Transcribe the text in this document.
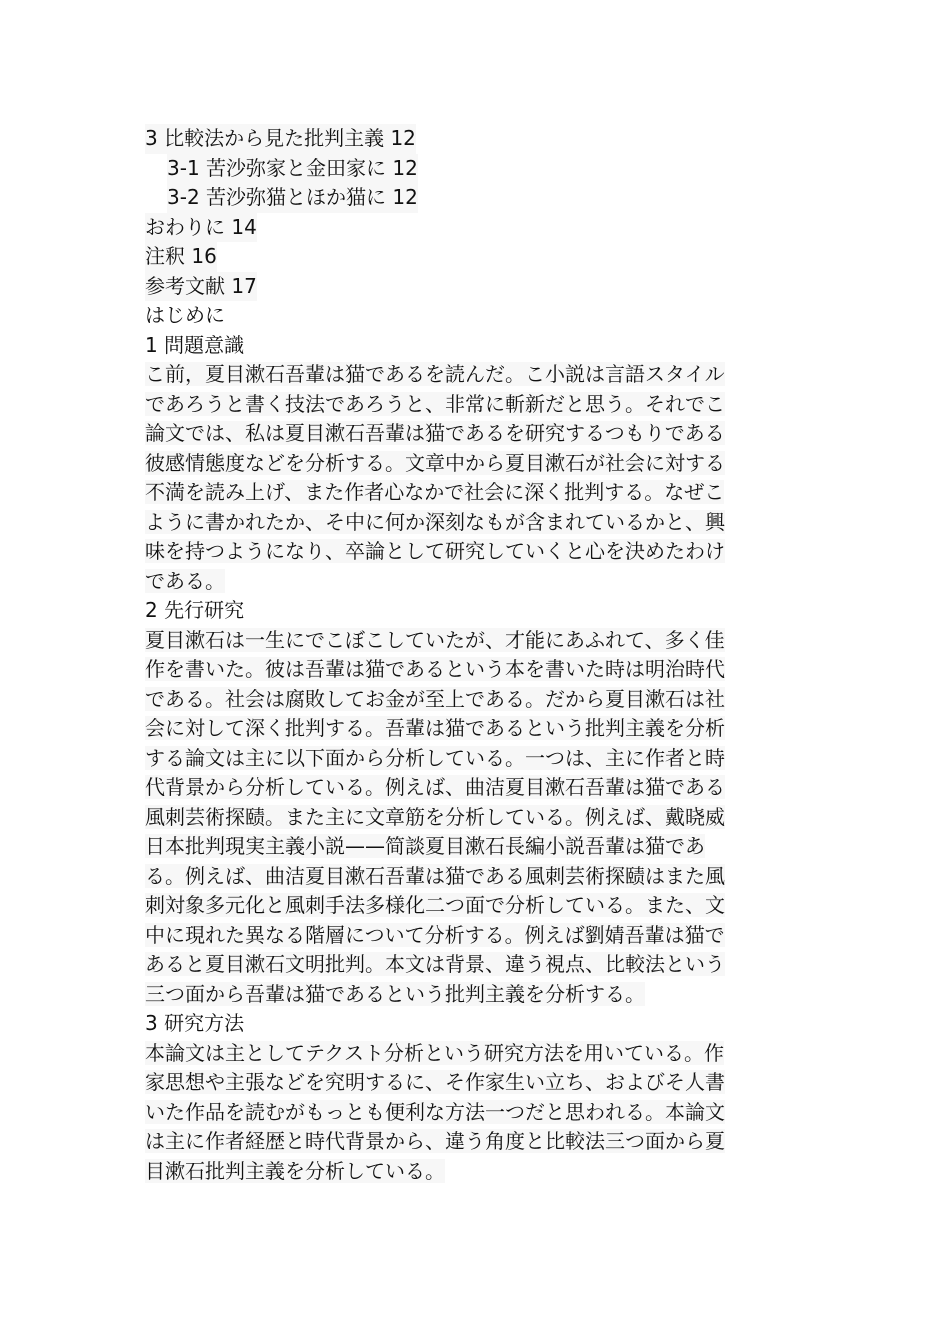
3 比較法から見た批判主義 12
3-1 苦沙弥家と金田家に 12
3-2 苦沙弥猫とほか猫に 12
おわりに 14
注釈 16
参考文献 17
はじめに
1 問題意識
こ前，夏目漱石吾輩は猫であるを読んだ。こ小説は言語スタイル
であろうと書く技法であろうと、非常に斬新だと思う。それでこ
論文では、私は夏目漱石吾輩は猫であるを研究するつもりである
彼感情態度などを分析する。文章中から夏目漱石が社会に対する
不満を読み上げ、また作者心なかで社会に深く批判する。なぜこ
ように書かれたか、そ中に何か深刻なもが含まれているかと、興
味を持つようになり、卒論として研究していくと心を決めたわけ
である。
2 先行研究
夏目漱石は一生にでこぼこしていたが、才能にあふれて、多く佳
作を書いた。彼は吾輩は猫であるという本を書いた時は明治時代
である。社会は腐敗してお金が至上である。だから夏目漱石は社
会に対して深く批判する。吾輩は猫であるという批判主義を分析
する論文は主に以下面から分析している。一つは、主に作者と時
代背景から分析している。例えば、曲洁夏目漱石吾輩は猫である
風刺芸術探赜。また主に文章筋を分析している。例えば、戴晓威
日本批判現実主義小説——简談夏目漱石長編小説吾輩は猫であ
る。例えば、曲洁夏目漱石吾輩は猫である風刺芸術探赜はまた風
刺対象多元化と風刺手法多様化二つ面で分析している。また、文
中に現れた異なる階層について分析する。例えば劉婧吾輩は猫で
あると夏目漱石文明批判。本文は背景、違う視点、比較法という
三つ面から吾輩は猫であるという批判主義を分析する。
3 研究方法
本論文は主としてテクスト分析という研究方法を用いている。作
家思想や主張などを究明するに、そ作家生い立ち、およびそ人書
いた作品を読むがもっとも便利な方法一つだと思われる。本論文
は主に作者経歴と時代背景から、違う角度と比較法三つ面から夏
目漱石批判主義を分析している。
